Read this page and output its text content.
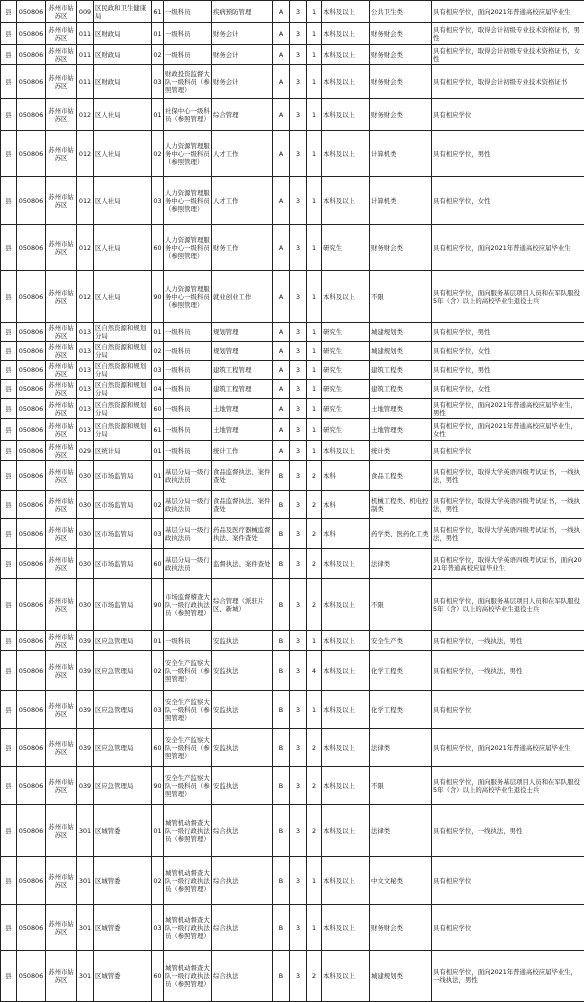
县	050806	苏州市姑苏区	009	区民政和卫生健康局	61	一级科员	疾病预防管理	A	3	1	本科及以上	公共卫生类	具有相应学位，面向2021年普通高校应届毕业生
县	050806	苏州市姑苏区	011	区财政局	01	一级科员	财务会计	A	3	1	本科及以上	财务财会类	具有相应学位，取得会计初级专业技术资格证书，男性
县	050806	苏州市姑苏区	011	区财政局	02	一级科员	财务会计	A	3	1	本科及以上	财务财会类	具有相应学位，取得会计初级专业技术资格证书，女性
县	050806	苏州市姑苏区	011	区财政局	03	财政投资监督大队一级科员（参照管理）	财务会计	A	3	1	本科及以上	财务财会类	具有相应学位，取得会计初级专业技术资格证书
县	050806	苏州市姑苏区	012	区人社局	01	社保中心一级科员（参照管理）	综合管理	A	3	1	本科及以上	财务财会类	具有相应学位
县	050806	苏州市姑苏区	012	区人社局	02	人力资源管理服务中心一级科员（参照管理）	人才工作	A	3	1	本科及以上	计算机类	具有相应学位，男性
县	050806	苏州市姑苏区	012	区人社局	03	人力资源管理服务中心一级科员（参照管理）	人才工作	A	3	1	本科及以上	计算机类	具有相应学位，女性
县	050806	苏州市姑苏区	012	区人社局	60	人力资源管理服务中心一级科员（参照管理）	财务工作	A	3	1	研究生	财务财会类	具有相应学位，面向2021年普通高校应届毕业生
县	050806	苏州市姑苏区	012	区人社局	90	人力资源管理服务中心一级科员（参照管理）	就业创业工作	A	3	1	本科及以上	不限	具有相应学位，面向服务基层项目人员和在军队服役5年（含）以上的高校毕业生退役士兵
县	050806	苏州市姑苏区	013	区自然资源和规划分局	01	一级科员	规划管理	A	3	1	研究生	城建规划类	具有相应学位，男性
县	050806	苏州市姑苏区	013	区自然资源和规划分局	02	一级科员	规划管理	A	3	1	研究生	城建规划类	具有相应学位，女性
县	050806	苏州市姑苏区	013	区自然资源和规划分局	03	一级科员	建筑工程管理	A	3	1	研究生	建筑工程类	具有相应学位，男性
县	050806	苏州市姑苏区	013	区自然资源和规划分局	04	一级科员	建筑工程管理	A	3	1	研究生	建筑工程类	具有相应学位，女性
县	050806	苏州市姑苏区	013	区自然资源和规划分局	60	一级科员	土地管理	A	3	1	研究生	土地管理类	具有相应学位，面向2021年普通高校应届毕业生，男性
县	050806	苏州市姑苏区	013	区自然资源和规划分局	61	一级科员	土地管理	A	3	1	研究生	土地管理类	具有相应学位，面向2021年普通高校应届毕业生，女性
县	050806	苏州市姑苏区	029	区统计局	01	一级科员	统计工作	A	3	1	本科及以上	统计类	具有相应学位
县	050806	苏州市姑苏区	030	区市场监管局	01	基层分局一级行政执法员	食品监督执法、案件查处	B	3	2	本科	食品工程类	具有相应学位，取得大学英语四级考试证书，一线执法，男性
县	050806	苏州市姑苏区	030	区市场监管局	02	基层分局一级行政执法员	食品监督执法、案件查处	B	3	2	本科	机械工程类、机电控制类	具有相应学位，取得大学英语四级考试证书，一线执法，男性
县	050806	苏州市姑苏区	030	区市场监管局	03	基层分局一级行政执法员	药品及医疗器械监督执法、案件查处	B	3	2	本科	药学类、医药化工类	具有相应学位，取得大学英语四级考试证书，一线执法，男性
县	050806	苏州市姑苏区	030	区市场监管局	60	基层分局一级行政执法员	监督执法、案件查处	B	3	2	本科及以上	法律类	具有相应学位，取得大学英语四级考试证书，面向2021年普通高校应届毕业生
县	050806	苏州市姑苏区	030	区市场监管局	90	市场监督稽查大队一级行政执法员（参照管理）	综合管理（派驻片区、新城）	B	3	2	本科及以上	不限	具有相应学位，面向服务基层项目人员和在军队服役5年（含）以上的高校毕业生退役士兵
县	050806	苏州市姑苏区	039	区应急管理局	01	一级科员	安监执法	B	3	1	本科及以上	安全生产类	具有相应学位，一线执法，男性
县	050806	苏州市姑苏区	039	区应急管理局	02	安全生产监察大队一级科员（参照管理）	安监执法	B	3	4	本科及以上	化学工程类	具有相应学位，一线执法，男性
县	050806	苏州市姑苏区	039	区应急管理局	03	安全生产监察大队一级科员（参照管理）	安监执法	B	3	1	本科及以上	化学工程类	具有相应学位
县	050806	苏州市姑苏区	039	区应急管理局	60	安全生产监察大队一级科员（参照管理）	安监执法	B	3	2	本科及以上	法律类	具有相应学位，面向2021年普通高校应届毕业生
县	050806	苏州市姑苏区	039	区应急管理局	90	安全生产监察大队一级科员（参照管理）	安监执法	B	3	2	本科及以上	不限	具有相应学位，面向服务基层项目人员和在军队服役5年（含）以上的高校毕业生退役士兵
县	050806	苏州市姑苏区	301	区城管委	01	城管机动督查大队一级行政执法员（参照管理）	综合执法	B	3	2	本科及以上	法律类	具有相应学位，一线执法，男性
县	050806	苏州市姑苏区	301	区城管委	02	城管机动督查大队一级行政执法员（参照管理）	综合执法	B	3	1	本科及以上	中文文秘类	具有相应学位
县	050806	苏州市姑苏区	301	区城管委	03	城管机动督查大队一级行政执法员（参照管理）	综合执法	B	3	1	本科及以上	财务财会类	具有相应学位
县	050806	苏州市姑苏区	301	区城管委	60	城管机动督查大队一级行政执法员（参照管理）	综合执法	B	3	2	本科及以上	城建规划类	具有相应学位，面向2021年普通高校应届毕业生，一线执法，男性
